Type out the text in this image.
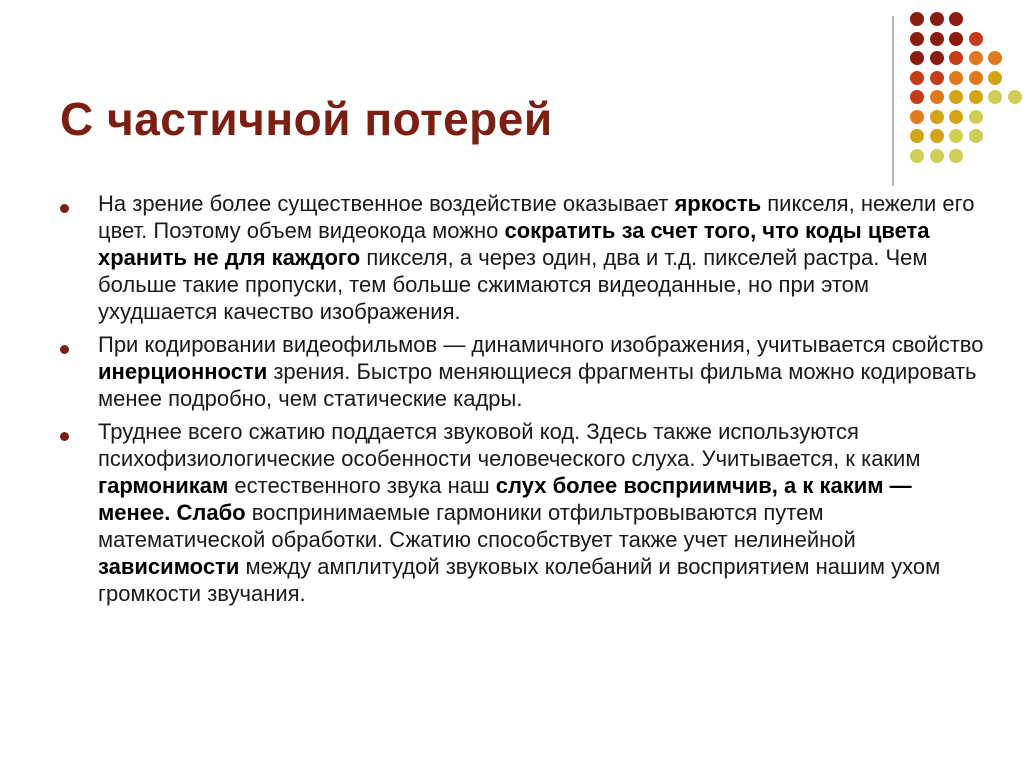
С частичной потерей
На зрение более существенное воздействие оказывает яркость пикселя, нежели его цвет. Поэтому объем видеокода можно сократить за счет того, что коды цвета хранить не для каждого пикселя, а через один, два и т.д. пикселей растра. Чем больше такие пропуски, тем больше сжимаются видеоданные, но при этом ухудшается качество изображения.
При кодировании видеофильмов — динамичного изображения, учитывается свойство инерционности зрения. Быстро меняющиеся фрагменты фильма можно кодировать менее подробно, чем статические кадры.
Труднее всего сжатию поддается звуковой код. Здесь также используются психофизиологические особенности человеческого слуха. Учитывается, к каким гармоникам естественного звука наш слух более восприимчив, а к каким — менее. Слабо воспринимаемые гармоники отфильтровываются путем математической обработки. Сжатию способствует также учет нелинейной зависимости между амплитудой звуковых колебаний и восприятием нашим ухом громкости звучания.
